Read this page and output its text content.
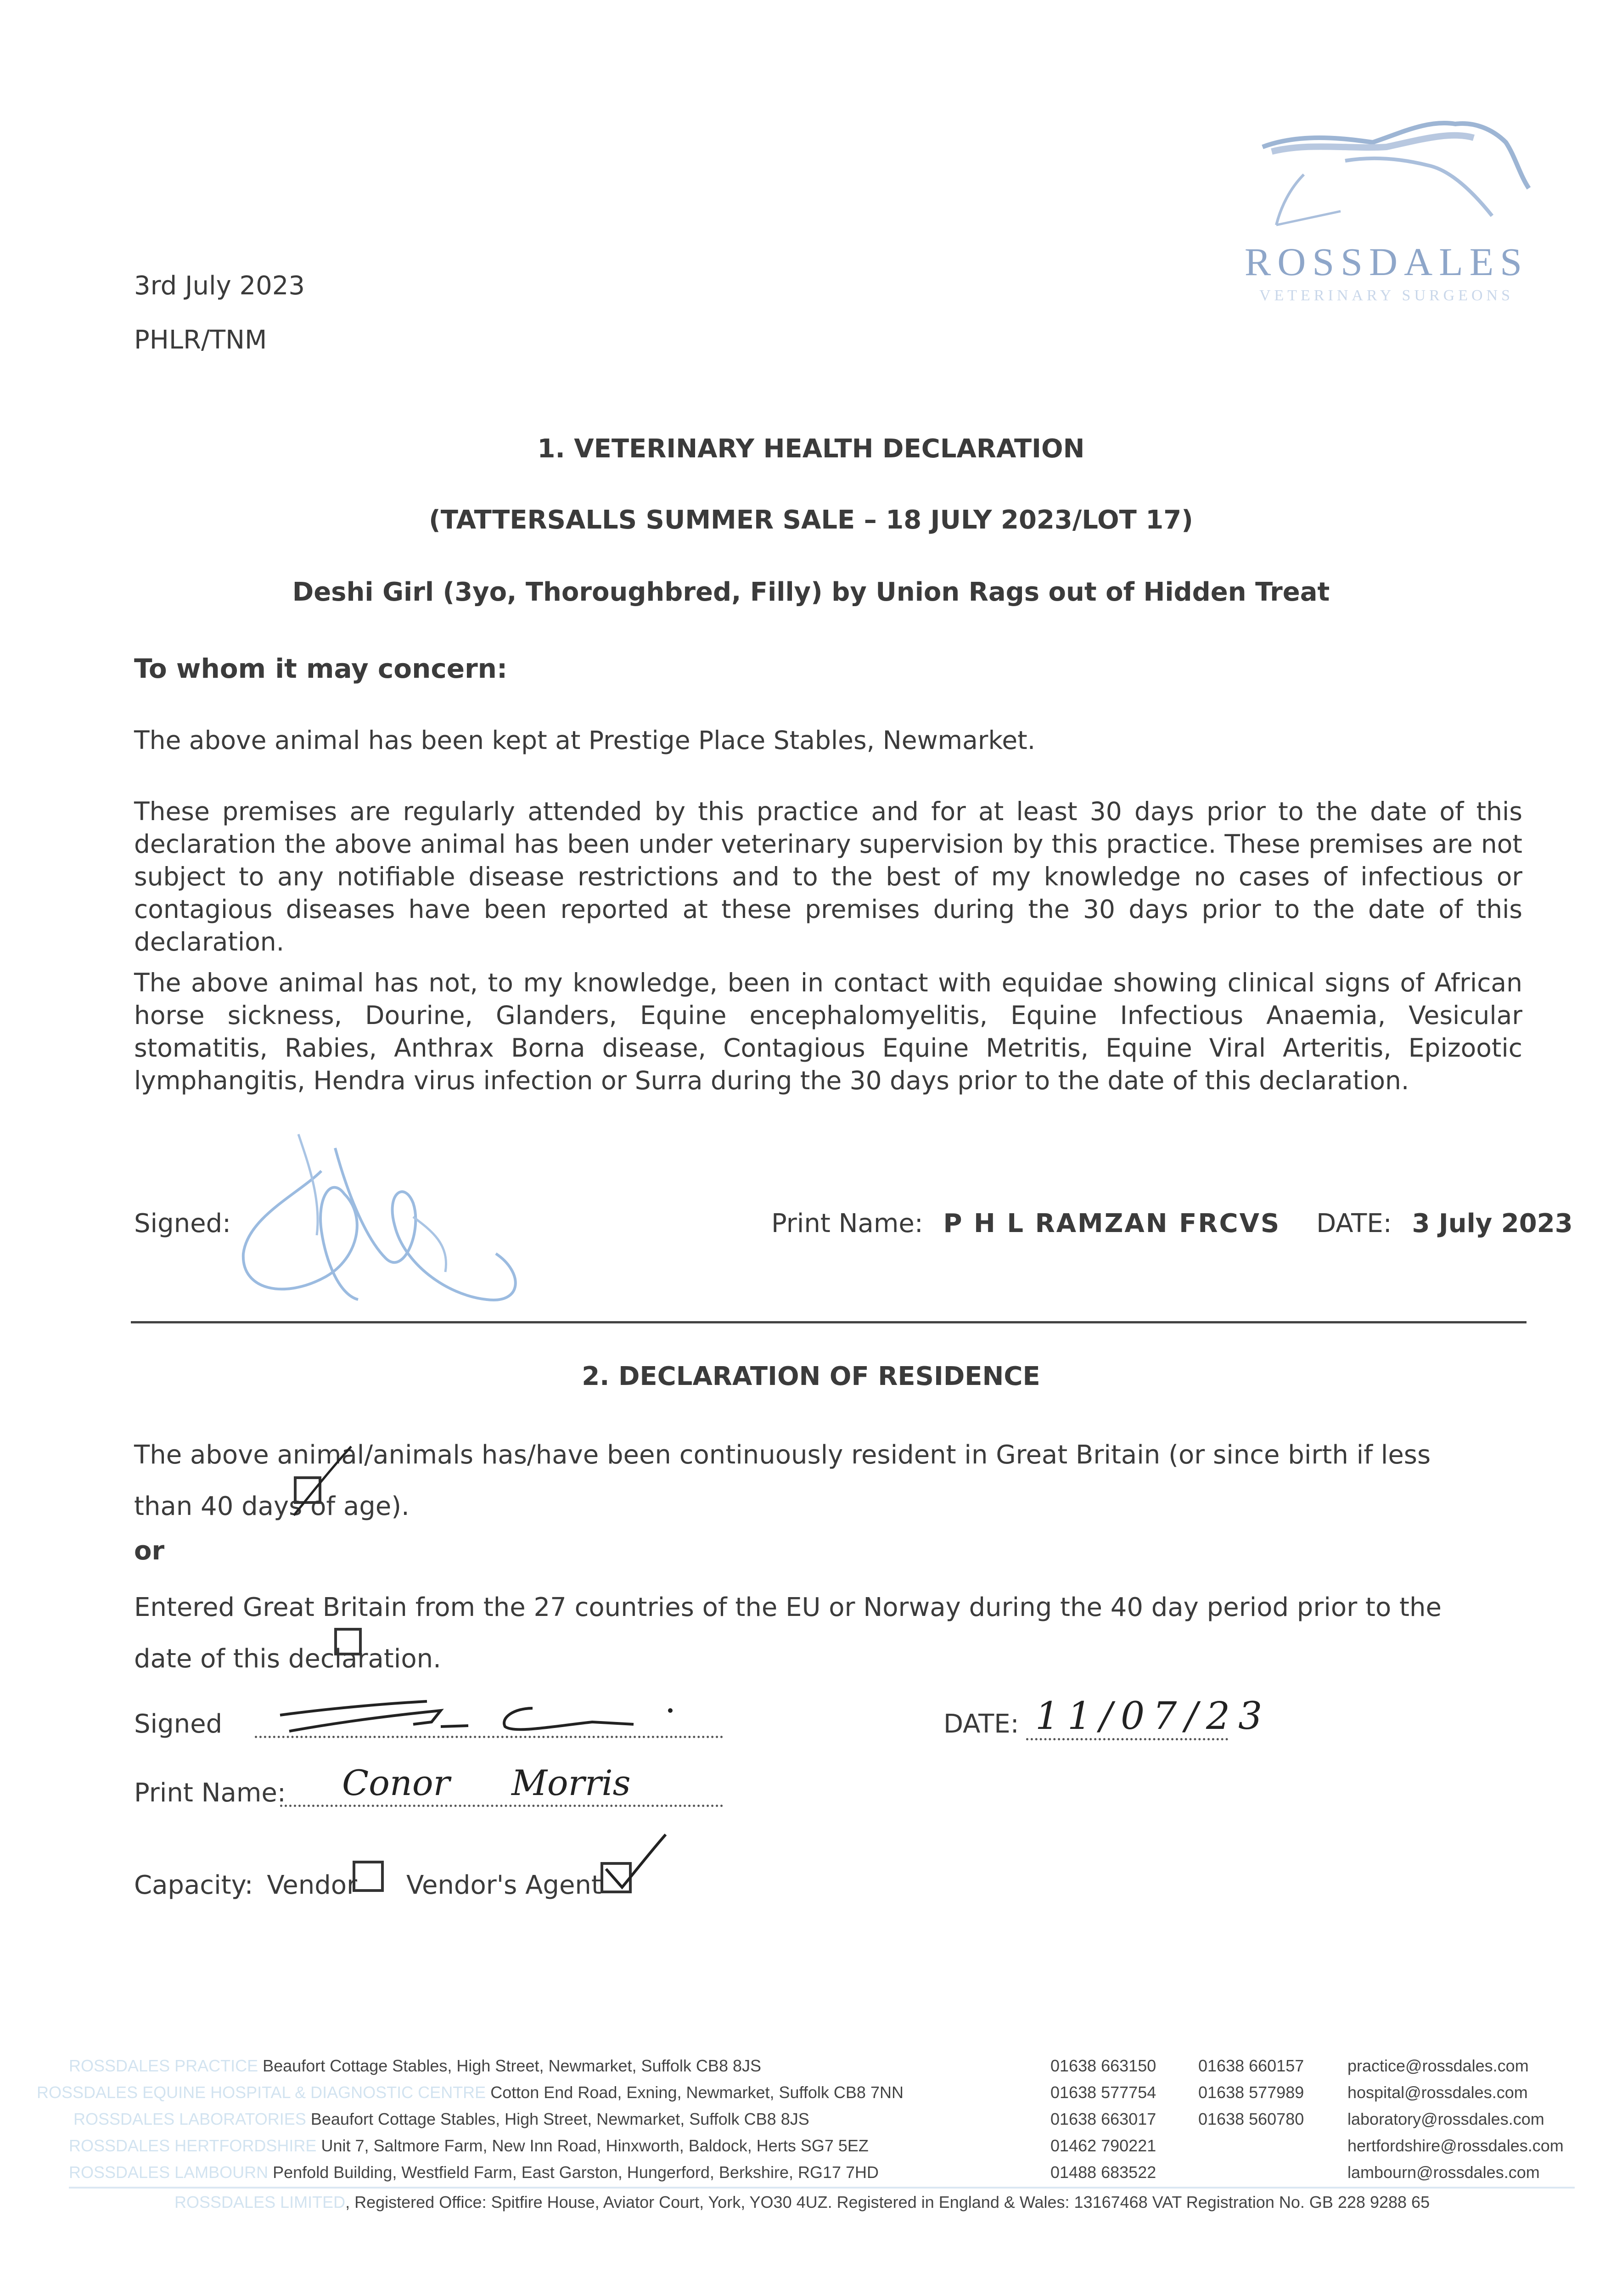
3rd July 2023
PHLR/TNM
ROSSDALES
VETERINARY SURGEONS
1. VETERINARY HEALTH DECLARATION
(TATTERSALLS SUMMER SALE – 18 JULY 2023/LOT 17)
Deshi Girl (3yo, Thoroughbred, Filly) by Union Rags out of Hidden Treat
To whom it may concern:
The above animal has been kept at Prestige Place Stables, Newmarket.
These premises are regularly attended by this practice and for at least 30 days prior to the date of this declaration the above animal has been under veterinary supervision by this practice. These premises are not subject to any notifiable disease restrictions and to the best of my knowledge no cases of infectious or contagious diseases have been reported at these premises during the 30 days prior to the date of this declaration.
The above animal has not, to my knowledge, been in contact with equidae showing clinical signs of African horse sickness, Dourine, Glanders, Equine encephalomyelitis, Equine Infectious Anaemia, Vesicular stomatitis, Rabies, Anthrax Borna disease, Contagious Equine Metritis, Equine Viral Arteritis, Epizootic lymphangitis, Hendra virus infection or Surra during the 30 days prior to the date of this declaration.
Signed:	Print Name: P H L RAMZAN FRCVS DATE: 3 July 2023
2. DECLARATION OF RESIDENCE
The above animal/animals has/have been continuously resident in Great Britain (or since birth if less than 40 days of age).
or
Entered Great Britain from the 27 countries of the EU or Norway during the 40 day period prior to the date of this declaration.
Signed	DATE: 11/07/23
Print Name: Conor Morris
Capacity: Vendor Vendor's Agent
ROSSDALES PRACTICE Beaufort Cottage Stables, High Street, Newmarket, Suffolk CB8 8JS
ROSSDALES EQUINE HOSPITAL & DIAGNOSTIC CENTRE Cotton End Road, Exning, Newmarket, Suffolk CB8 7NN
ROSSDALES LABORATORIES Beaufort Cottage Stables, High Street, Newmarket, Suffolk CB8 8JS
ROSSDALES HERTFORDSHIRE Unit 7, Saltmore Farm, New Inn Road, Hinxworth, Baldock, Herts SG7 5EZ
ROSSDALES LAMBOURN Penfold Building, Westfield Farm, East Garston, Hungerford, Berkshire, RG17 7HD
01638 663150
01638 577754
01638 663017
01462 790221
01488 683522
01638 660157
01638 577989
01638 560780
practice@rossdales.com
hospital@rossdales.com
laboratory@rossdales.com
hertfordshire@rossdales.com
lambourn@rossdales.com
ROSSDALES LIMITED, Registered Office: Spitfire House, Aviator Court, York, YO30 4UZ. Registered in England & Wales: 13167468 VAT Registration No. GB 228 9288 65
